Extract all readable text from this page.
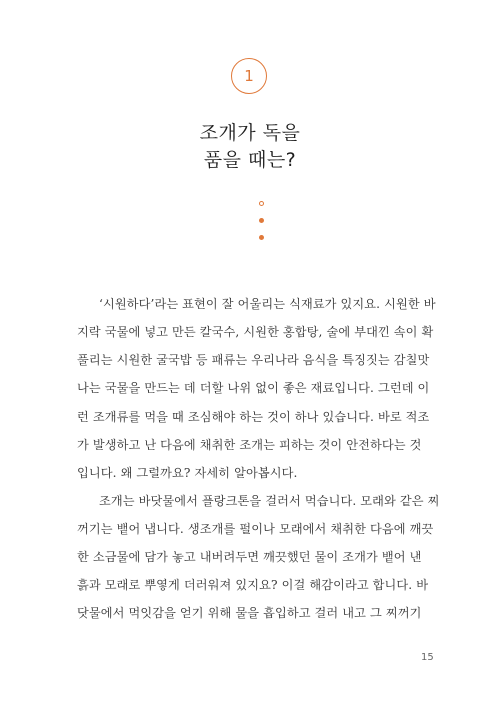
1
조개가 독을
품을 때는?
‘시원하다’라는 표현이 잘 어울리는 식재료가 있지요. 시원한 바
지락 국물에 넣고 만든 칼국수, 시원한 홍합탕, 술에 부대낀 속이 확
풀리는 시원한 굴국밥 등 패류는 우리나라 음식을 특징짓는 감칠맛
나는 국물을 만드는 데 더할 나위 없이 좋은 재료입니다. 그런데 이
런 조개류를 먹을 때 조심해야 하는 것이 하나 있습니다. 바로 적조
가 발생하고 난 다음에 채취한 조개는 피하는 것이 안전하다는 것
입니다. 왜 그럴까요? 자세히 알아봅시다.
조개는 바닷물에서 플랑크톤을 걸러서 먹습니다. 모래와 같은 찌
꺼기는 뱉어 냅니다. 생조개를 펄이나 모래에서 채취한 다음에 깨끗
한 소금물에 담가 놓고 내버려두면 깨끗했던 물이 조개가 뱉어 낸
흙과 모래로 뿌옇게 더러워져 있지요? 이걸 해감이라고 합니다. 바
닷물에서 먹잇감을 얻기 위해 물을 흡입하고 걸러 내고 그 찌꺼기
15
